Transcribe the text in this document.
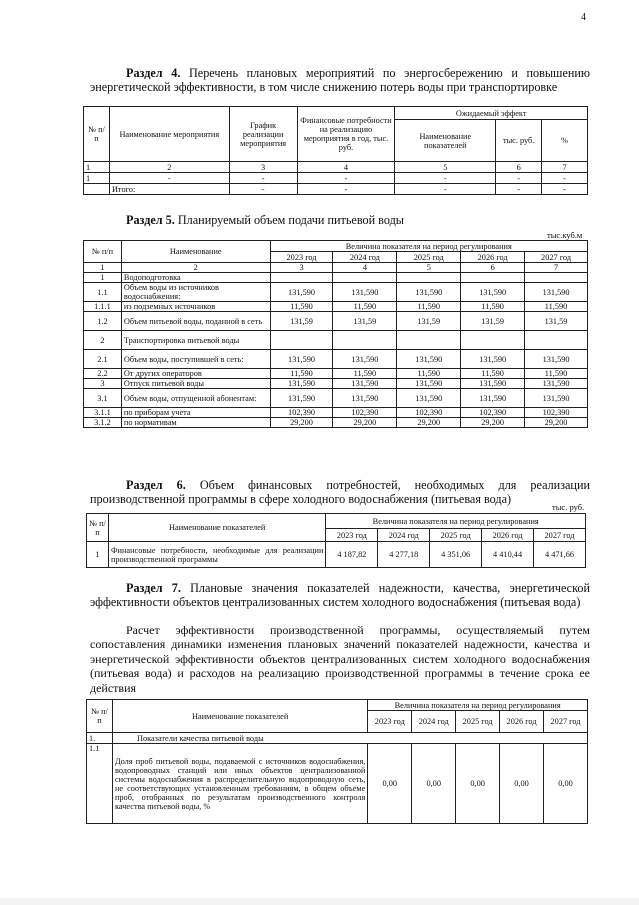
4
Раздел 4. Перечень плановых мероприятий по энергосбережению и повышению энергетической эффективности, в том числе снижению потерь воды при транспортировке
№ п/п	Наименование мероприятия	График реализации мероприятия	Финансовые потребности на реализацию мероприятия в год, тыс. руб.	Ожидаемый эффект		
				Наименование показателей	тыс. руб.	%
1	2	3	4	5	6	7
1	-	-	-	-	-	-
	Итого:	-	-	-	-	-
Раздел 5. Планируемый объем подачи питьевой воды
тыс.куб.м
№ п/п	Наименование	Величина показателя на период регулирования				
		2023 год	2024 год	2025 год	2026 год	2027 год
1	2	3	4	5	6	7
1	Водоподготовка					
1.1	Объем воды из источников водоснабжения:	131,590	131,590	131,590	131,590	131,590
1.1.1	из подземных источников	11,590	11,590	11,590	11,590	11,590
1.2	Объем питьевой воды, поданной в сеть	131,59	131,59	131,59	131,59	131,59
2	Транспортировка питьевой воды					
2.1	Объем воды, поступившей в сеть:	131,590	131,590	131,590	131,590	131,590
2.2	От других операторов	11,590	11,590	11,590	11,590	11,590
3	Отпуск питьевой воды	131,590	131,590	131,590	131,590	131,590
3.1	Объем воды, отпущенной абонентам:	131,590	131,590	131,590	131,590	131,590
3.1.1	по приборам учета	102,390	102,390	102,390	102,390	102,390
3.1.2	по нормативам	29,200	29,200	29,200	29,200	29,200
Раздел 6. Объем финансовых потребностей, необходимых для реализации производственной программы в сфере холодного водоснабжения (питьевая вода)
тыс. руб.
№ п/п	Наименование показателей	Величина показателя на период регулирования				
		2023 год	2024 год	2025 год	2026 год	2027 год
1	Финансовые потребности, необходимые для реализации производственной программы	4 187,82	4 277,18	4 351,06	4 410,44	4 471,66
Раздел 7. Плановые значения показателей надежности, качества, энергетической эффективности объектов централизованных систем холодного водоснабжения (питьевая вода)
Расчет эффективности производственной программы, осуществляемый путем сопоставления динамики изменения плановых значений показателей надежности, качества и энергетической эффективности объектов централизованных систем холодного водоснабжения (питьевая вода) и расходов на реализацию производственной программы в течение срока ее действия
№ п/п	Наименование показателей	Величина показателя на период регулирования				
		2023 год	2024 год	2025 год	2026 год	2027 год
1.	Показатели качества питьевой воды					
1.1	Доля проб питьевой воды, подаваемой с источников водоснабжения, водопроводных станций или иных объектов централизованной системы водоснабжения в распределительную водопроводную сеть, не соответствующих установленным требованиям, в общем объеме проб, отобранных по результатам производственного контроля качества питьевой воды, %	0,00	0,00	0,00	0,00	0,00
